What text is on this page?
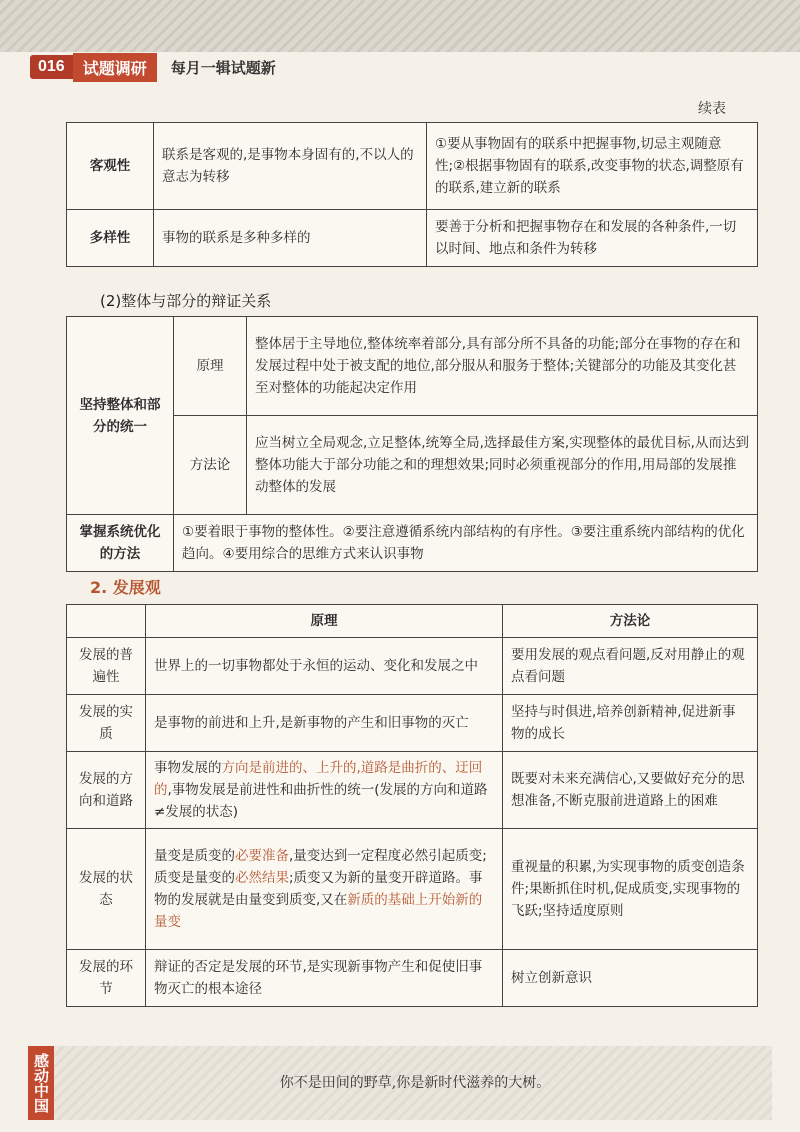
016	试题调研	每月一辑试题新
续表
客观性	联系是客观的,是事物本身固有的,不以人的意志为转移	①要从事物固有的联系中把握事物,切忌主观随意性;②根据事物固有的联系,改变事物的状态,调整原有的联系,建立新的联系
多样性	事物的联系是多种多样的	要善于分析和把握事物存在和发展的各种条件,一切以时间、地点和条件为转移
(2)整体与部分的辩证关系
坚持整体和部分的统一	原理	整体居于主导地位,整体统率着部分,具有部分所不具备的功能;部分在事物的存在和发展过程中处于被支配的地位,部分服从和服务于整体;关键部分的功能及其变化甚至对整体的功能起决定作用
	方法论	应当树立全局观念,立足整体,统筹全局,选择最佳方案,实现整体的最优目标,从而达到整体功能大于部分功能之和的理想效果;同时必须重视部分的作用,用局部的发展推动整体的发展
掌握系统优化的方法	①要着眼于事物的整体性。②要注意遵循系统内部结构的有序性。③要注重系统内部结构的优化趋向。④要用综合的思维方式来认识事物	
2. 发展观
	原理	方法论
发展的普遍性	世界上的一切事物都处于永恒的运动、变化和发展之中	要用发展的观点看问题,反对用静止的观点看问题
发展的实质	是事物的前进和上升,是新事物的产生和旧事物的灭亡	坚持与时俱进,培养创新精神,促进新事物的成长
发展的方向和道路	事物发展的方向是前进的、上升的,道路是曲折的、迂回的,事物发展是前进性和曲折性的统一(发展的方向和道路≠发展的状态)	既要对未来充满信心,又要做好充分的思想准备,不断克服前进道路上的困难
发展的状态	量变是质变的必要准备,量变达到一定程度必然引起质变;质变是量变的必然结果;质变又为新的量变开辟道路。事物的发展就是由量变到质变,又在新质的基础上开始新的量变	重视量的积累,为实现事物的质变创造条件;果断抓住时机,促成质变,实现事物的飞跃;坚持适度原则
发展的环节	辩证的否定是发展的环节,是实现新事物产生和促使旧事物灭亡的根本途径	树立创新意识
感动中国	你不是田间的野草,你是新时代滋养的大树。
